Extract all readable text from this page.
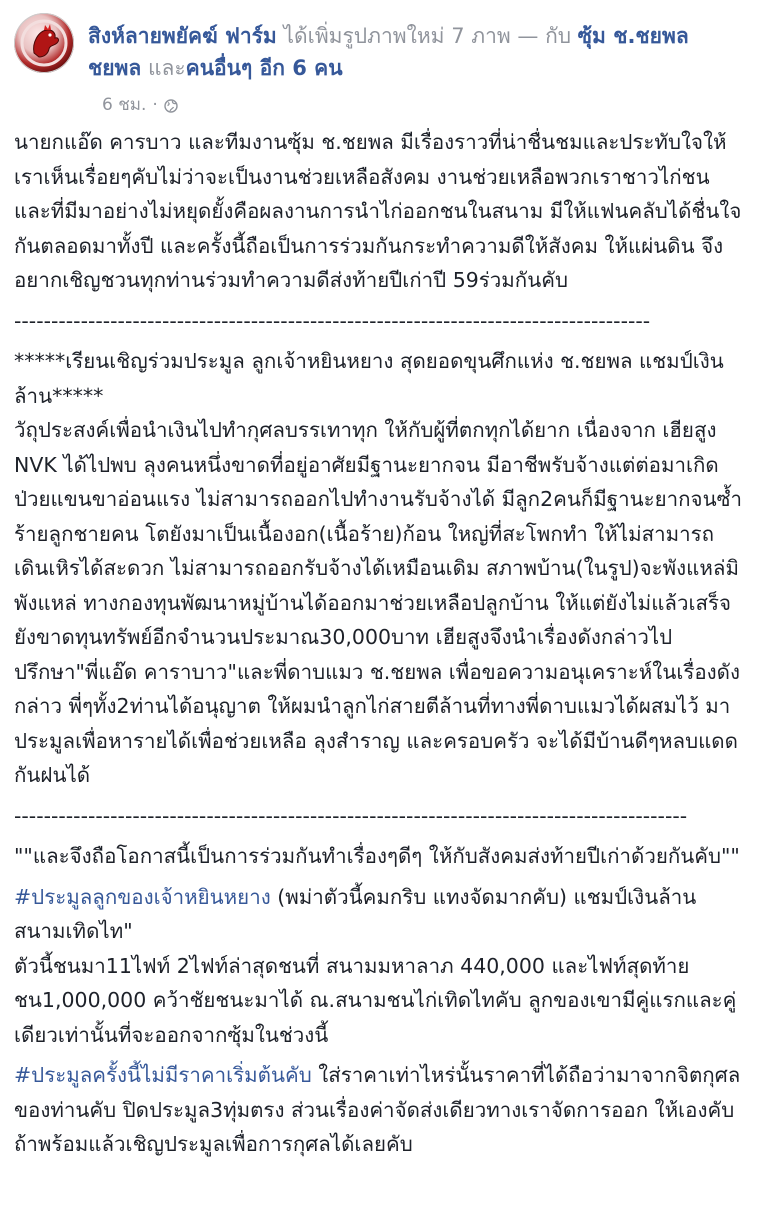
สิงห์ลายพยัคฆ์ ฟาร์ม ได้เพิ่มรูปภาพใหม่ 7 ภาพ — กับ ซุ้ม ช.ชยพล ชยพล และคนอื่นๆ อีก 6 คน
6 ชม. ·

นายกแอ๊ด คารบาว และทีมงานซุ้ม ช.ชยพล มีเรื่องราวที่น่าชื่นชมและประทับใจให้เราเห็นเรื่อยๆคับไม่ว่าจะเป็นงานช่วยเหลือสังคม งานช่วยเหลือพวกเราชาวไก่ชน และที่มีมาอย่างไม่หยุดยั้งคือผลงานการนำไก่ออกชนในสนาม มีให้แฟนคลับได้ชื่นใจกันตลอดมาทั้งปี และครั้งนี้ถือเป็นการร่วมกันกระทำความดีให้สังคม ให้แผ่นดิน จึงอยากเชิญชวนทุกท่านร่วมทำความดีส่งท้ายปีเก่าปี 59ร่วมกันคับ

--------------------------------------------------------------------------------------

*****เรียนเชิญร่วมประมูล ลูกเจ้าหยินหยาง สุดยอดขุนศึกแห่ง ช.ชยพล แชมป์เงินล้าน*****

วัถุประสงค์เพื่อนำเงินไปทำกุศลบรรเทาทุก ให้กับผู้ที่ตกทุกได้ยาก เนื่องจาก เฮียสูง NVK ได้ไปพบ ลุงคนหนึ่งขาดที่อยู่อาศัยมีฐานะยากจน มีอาชีพรับจ้างแต่ต่อมาเกิดป่วยแขนขาอ่อนแรง ไม่สามารถออกไปทำงานรับจ้างได้ มีลูก2คนก็มีฐานะยากจนซ้ำร้ายลูกชายคน โตยังมาเป็นเนื้องอก(เนื้อร้าย)ก้อน ใหญ่ที่สะโพกทำ ให้ไม่สามารถเดินเหิรได้สะดวก ไม่สามารถออกรับจ้างได้เหมือนเดิม สภาพบ้าน(ในรูป)จะพังแหล่มิพังแหล่ ทางกองทุนพัฒนาหมู่บ้านได้ออกมาช่วยเหลือปลูกบ้าน ให้แต่ยังไม่แล้วเสร็จยังขาดทุนทรัพย์อีกจำนวนประมาณ30,000บาท เฮียสูงจึงนำเรื่องดังกล่าวไปปรึกษา"พี่แอ๊ด คาราบาว"และพี่ดาบแมว ช.ชยพล เพื่อขอความอนุเคราะห์ในเรื่องดังกล่าว พี่ๆทั้ง2ท่านได้อนุญาต ให้ผมนำลูกไก่สายตีล้านที่ทางพี่ดาบแมวได้ผสมไว้ มาประมูลเพื่อหารายได้เพื่อช่วยเหลือ ลุงสำราญ และครอบครัว จะได้มีบ้านดีๆหลบแดดกันฝนได้

-------------------------------------------------------------------------------------------

""และจึงถือโอกาสนี้เป็นการร่วมกันทำเรื่องๆดีๆ ให้กับสังคมส่งท้ายปีเก่าด้วยกันคับ""

#ประมูลลูกของเจ้าหยินหยาง (พม่าตัวนี้คมกริบ แทงจัดมากคับ) แชมป์เงินล้าน สนามเทิดไท"

ตัวนี้ชนมา11ไฟท์ 2ไฟท์ล่าสุดชนที่ สนามมหาลาภ 440,000 และไฟท์สุดท้ายชน1,000,000 คว้าชัยชนะมาได้ ณ.สนามชนไก่เทิดไทคับ ลูกของเขามีคู่แรกและคู่เดียวเท่านั้นที่จะออกจากซุ้มในช่วงนี้

#ประมูลครั้งนี้ไม่มีราคาเริ่มต้นคับ ใส่ราคาเท่าไหร่นั้นราคาที่ได้ถือว่ามาจากจิตกุศลของท่านคับ ปิดประมูล3ทุ่มตรง ส่วนเรื่องค่าจัดส่งเดียวทางเราจัดการออก ให้เองคับ ถ้าพร้อมแล้วเชิญประมูลเพื่อการกุศลได้เลยคับ
